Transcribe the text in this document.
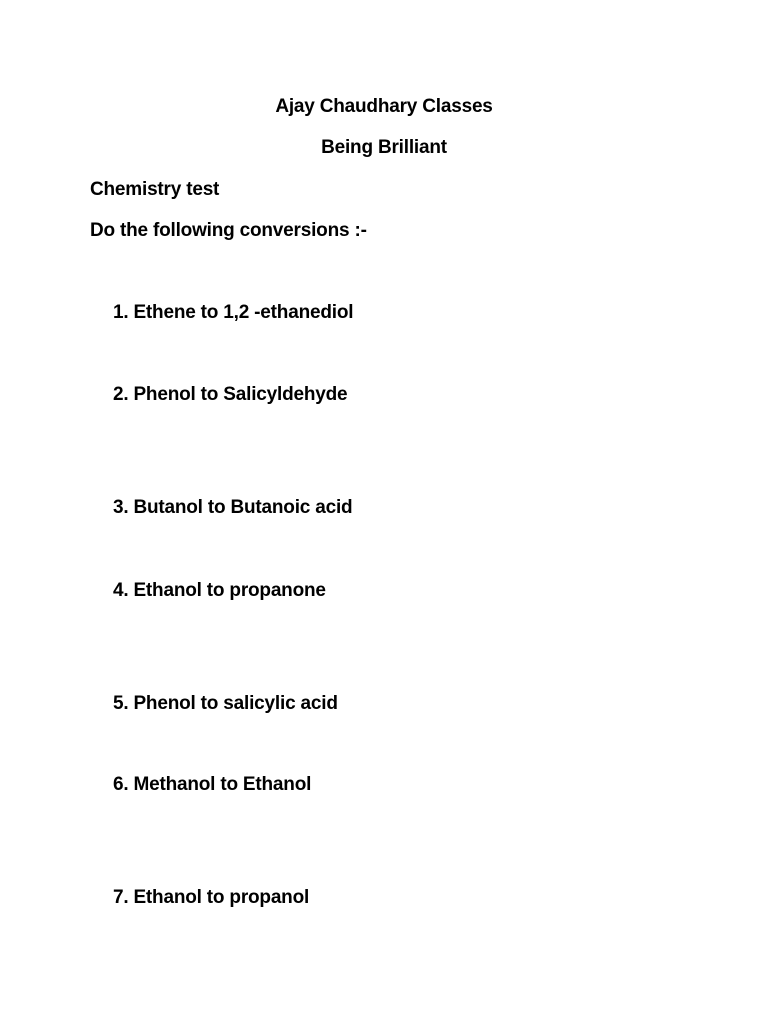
Ajay Chaudhary Classes
Being Brilliant
Chemistry test
Do the following conversions :-
1. Ethene to 1,2 -ethanediol
2. Phenol to Salicyldehyde
3. Butanol to Butanoic acid
4. Ethanol to propanone
5. Phenol to salicylic acid
6. Methanol to Ethanol
7. Ethanol to propanol
